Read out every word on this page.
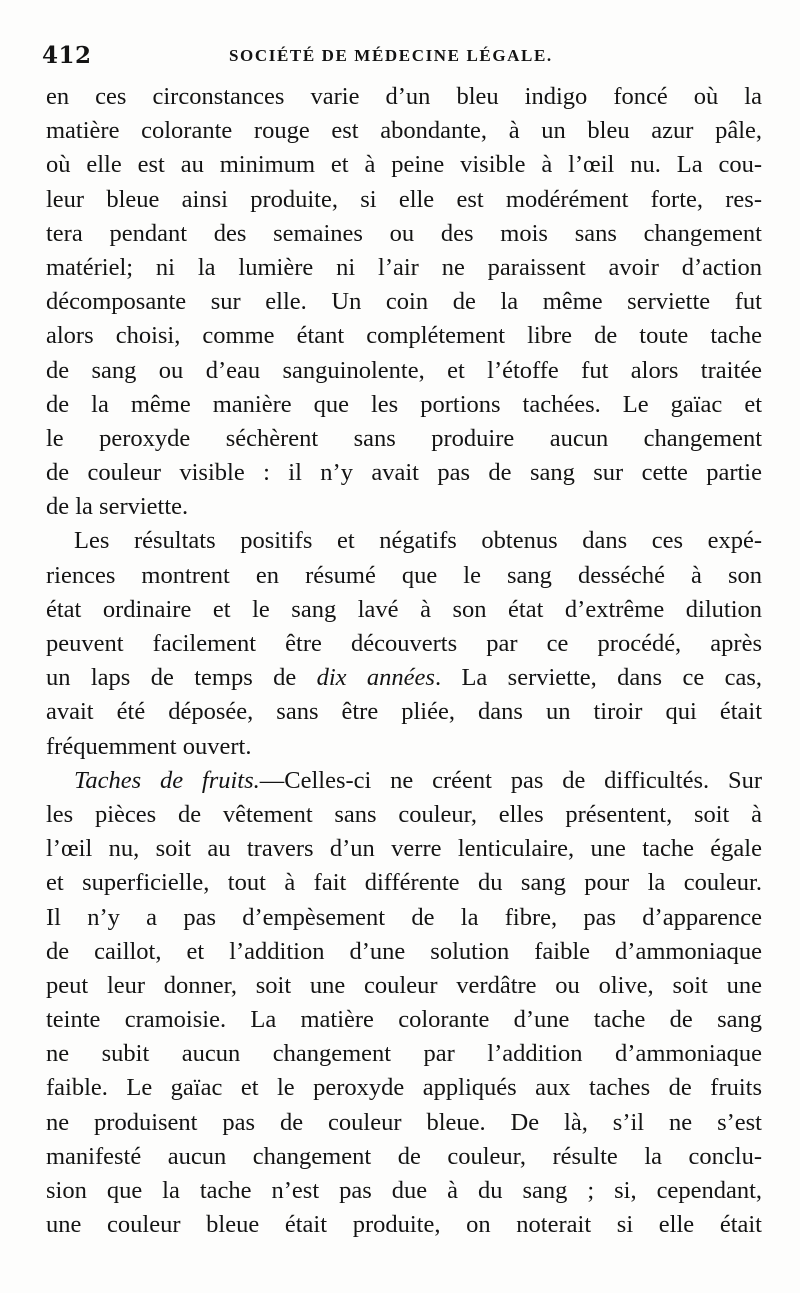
412	SOCIÉTÉ DE MÉDECINE LÉGALE.
en ces circonstances varie d’un bleu indigo foncé où la
matière colorante rouge est abondante, à un bleu azur pâle,
où elle est au minimum et à peine visible à l’œil nu. La cou-
leur bleue ainsi produite, si elle est modérément forte, res-
tera pendant des semaines ou des mois sans changement
matériel; ni la lumière ni l’air ne paraissent avoir d’action
décomposante sur elle. Un coin de la même serviette fut
alors choisi, comme étant complétement libre de toute tache
de sang ou d’eau sanguinolente, et l’étoffe fut alors traitée
de la même manière que les portions tachées. Le gaïac et
le peroxyde séchèrent sans produire aucun changement
de couleur visible : il n’y avait pas de sang sur cette partie
de la serviette.
Les résultats positifs et négatifs obtenus dans ces expé-
riences montrent en résumé que le sang desséché à son
état ordinaire et le sang lavé à son état d’extrême dilution
peuvent facilement être découverts par ce procédé, après
un laps de temps de dix années. La serviette, dans ce cas,
avait été déposée, sans être pliée, dans un tiroir qui était
fréquemment ouvert.
Taches de fruits.—Celles-ci ne créent pas de difficultés. Sur
les pièces de vêtement sans couleur, elles présentent, soit à
l’œil nu, soit au travers d’un verre lenticulaire, une tache égale
et superficielle, tout à fait différente du sang pour la couleur.
Il n’y a pas d’empèsement de la fibre, pas d’apparence
de caillot, et l’addition d’une solution faible d’ammoniaque
peut leur donner, soit une couleur verdâtre ou olive, soit une
teinte cramoisie. La matière colorante d’une tache de sang
ne subit aucun changement par l’addition d’ammoniaque
faible. Le gaïac et le peroxyde appliqués aux taches de fruits
ne produisent pas de couleur bleue. De là, s’il ne s’est
manifesté aucun changement de couleur, résulte la conclu-
sion que la tache n’est pas due à du sang ; si, cependant,
une couleur bleue était produite, on noterait si elle était
